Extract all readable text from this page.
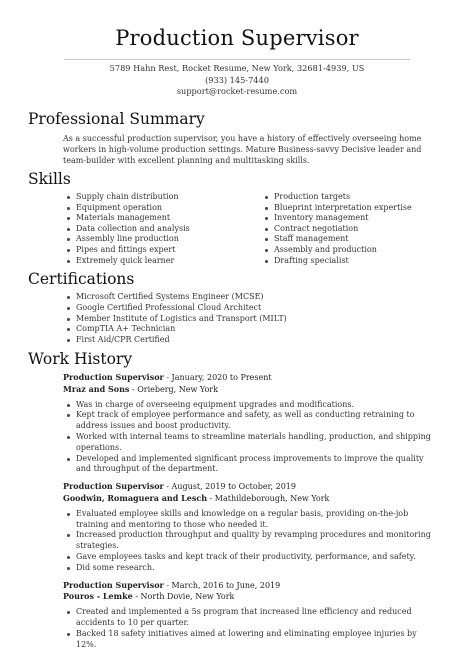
Production Supervisor
5789 Hahn Rest, Rocket Resume, New York, 32681-4939, US
(933) 145-7440
support@rocket-resume.com
Professional Summary

As a successful production supervisor, you have a history of effectively overseeing home workers in high-volume production settings. Mature Business-savvy Decisive leader and team-builder with excellent planning and multitasking skills.

Skills
Supply chain distribution
Equipment operation
Materials management
Data collection and analysis
Assembly line production
Pipes and fittings expert
Extremely quick learner
Production targets
Blueprint interpretation expertise
Inventory management
Contract negotiation
Staff management
Assembly and production
Drafting specialist
Certifications
Microsoft Certified Systems Engineer (MCSE)
Google Certified Professional Cloud Architect
Member Institute of Logistics and Transport (MILT)
CompTIA A+ Technician
First Aid/CPR Certified
Work History
Production Supervisor - January, 2020 to Present
Mraz and Sons - Orieberg, New York
Was in charge of overseeing equipment upgrades and modifications.
Kept track of employee performance and safety, as well as conducting retraining to address issues and boost productivity.
Worked with internal teams to streamline materials handling, production, and shipping operations.
Developed and implemented significant process improvements to improve the quality and throughput of the department.
Production Supervisor - August, 2019 to October, 2019
Goodwin, Romaguera and Lesch - Mathildeborough, New York
Evaluated employee skills and knowledge on a regular basis, providing on-the-job training and mentoring to those who needed it.
Increased production throughput and quality by revamping procedures and monitoring strategies.
Gave employees tasks and kept track of their productivity, performance, and safety.
Did some research.
Production Supervisor - March, 2016 to June, 2019
Pouros - Lemke - North Dovie, New York
Created and implemented a 5s program that increased line efficiency and reduced accidents to 10 per quarter.
Backed 18 safety initiatives aimed at lowering and eliminating employee injuries by 12%.
